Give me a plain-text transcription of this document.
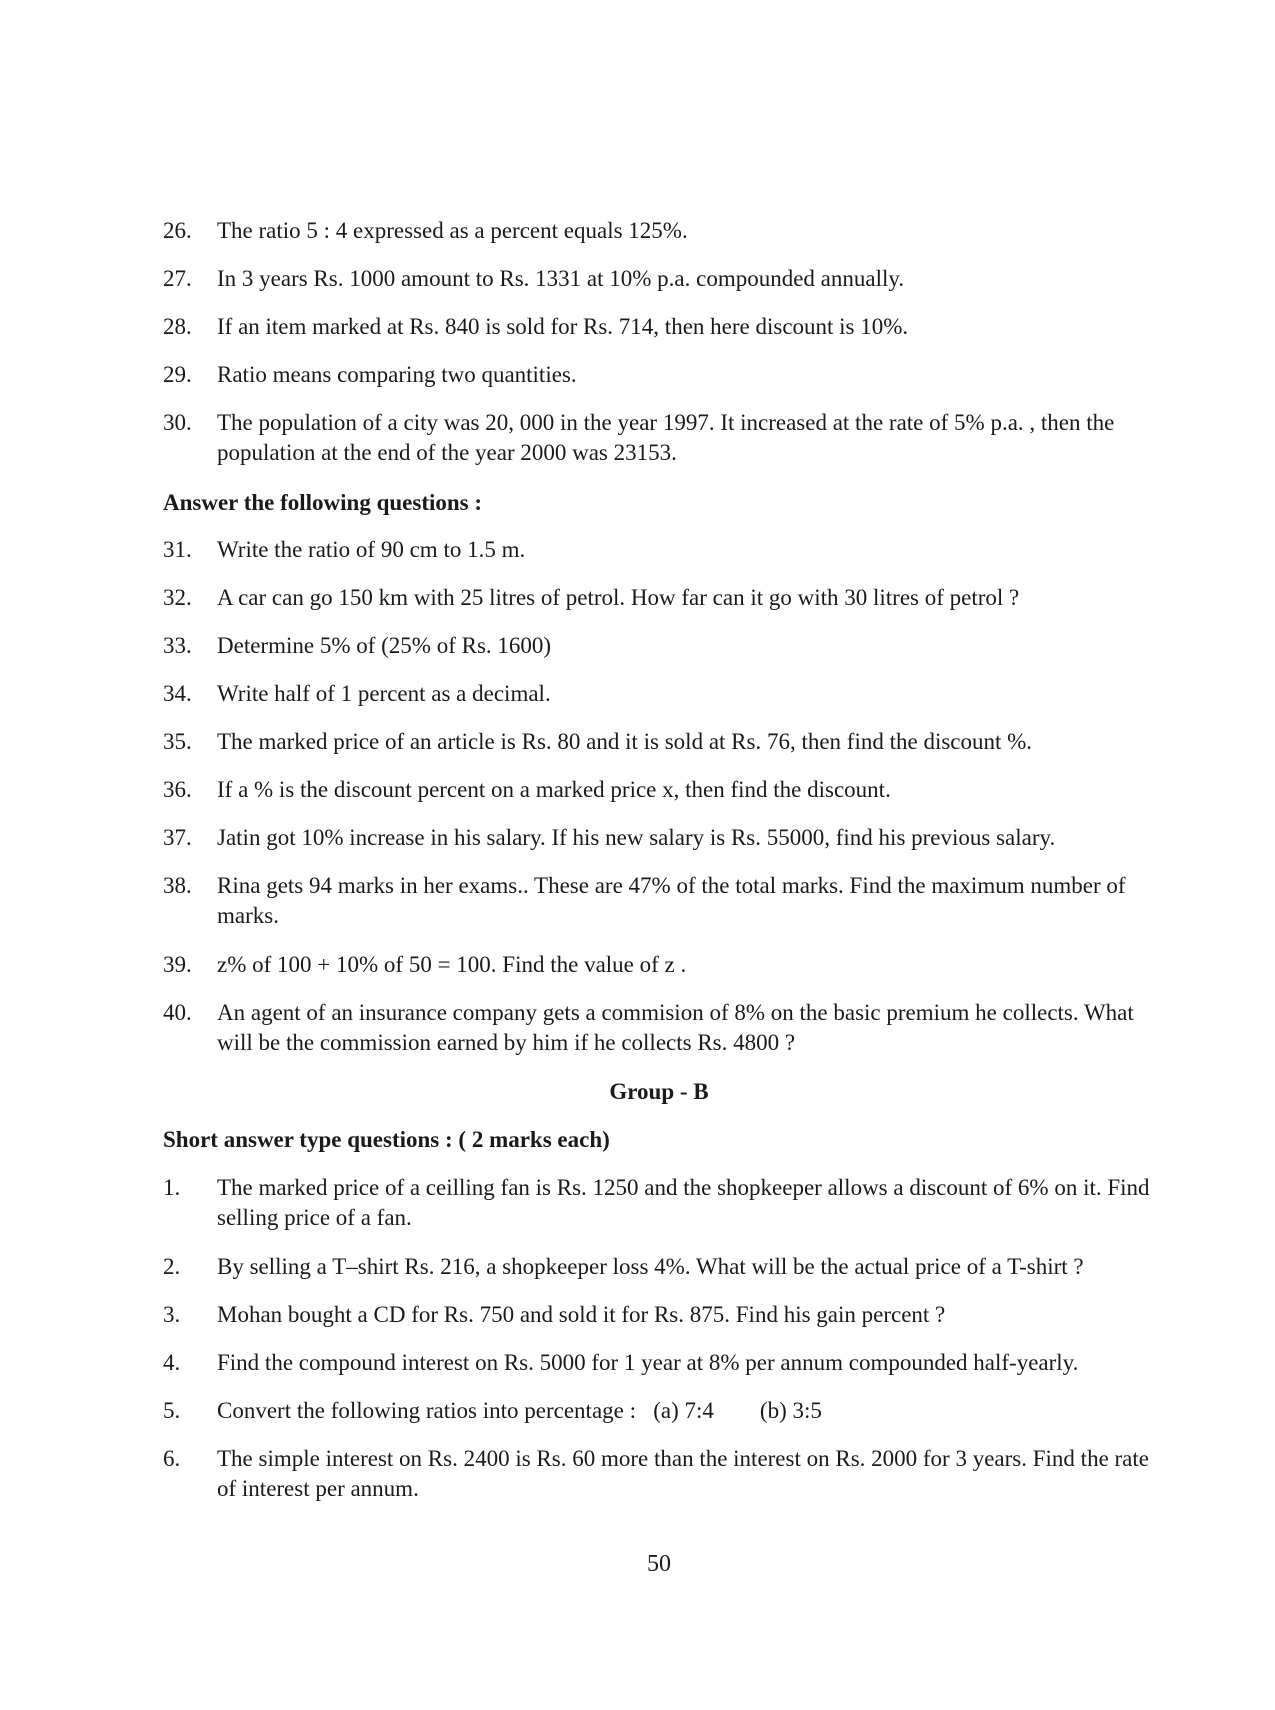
26.	The ratio 5 : 4 expressed as a percent equals 125%.
27.	In 3 years Rs. 1000 amount to Rs. 1331 at 10% p.a. compounded annually.
28.	If an item marked at Rs. 840 is sold for Rs. 714, then here discount is 10%.
29.	Ratio means comparing two quantities.
30.	The population of a city was 20, 000 in the year 1997. It increased at the rate of 5% p.a. , then the population at the end of the year 2000 was 23153.
Answer the following questions :
31.	Write the ratio of 90 cm to 1.5 m.
32.	A car can go 150 km with 25 litres of petrol. How far can it go with 30 litres of petrol ?
33.	Determine 5% of (25% of Rs. 1600)
34.	Write half of 1 percent as a decimal.
35.	The marked price of an article is Rs. 80 and it is sold at Rs. 76, then find the discount %.
36.	If a % is the discount percent on a marked price x, then find the discount.
37.	Jatin got 10% increase in his salary. If his new salary is Rs. 55000, find his previous salary.
38.	Rina gets 94 marks in her exams.. These are 47% of the total marks. Find the maximum number of marks.
39.	z% of 100 + 10% of 50 = 100. Find the value of z .
40.	An agent of an insurance company gets a commision of 8% on the basic premium he collects. What will be the commission earned by him if he collects Rs. 4800 ?
Group - B
Short answer type questions : ( 2 marks each)
1.	The marked price of a ceilling fan is Rs. 1250 and the shopkeeper allows a discount of 6% on it. Find selling price of a fan.
2.	By selling a T–shirt Rs. 216, a shopkeeper loss 4%. What will be the actual price of a T-shirt ?
3.	Mohan bought a CD for Rs. 750 and sold it for Rs. 875. Find his gain percent ?
4.	Find the compound interest on Rs. 5000 for 1 year at 8% per annum compounded half-yearly.
5.	Convert the following ratios into percentage :   (a) 7:4        (b) 3:5
6.	The simple interest on Rs. 2400 is Rs. 60 more than the interest on Rs. 2000 for 3 years. Find the rate of interest per annum.
50
